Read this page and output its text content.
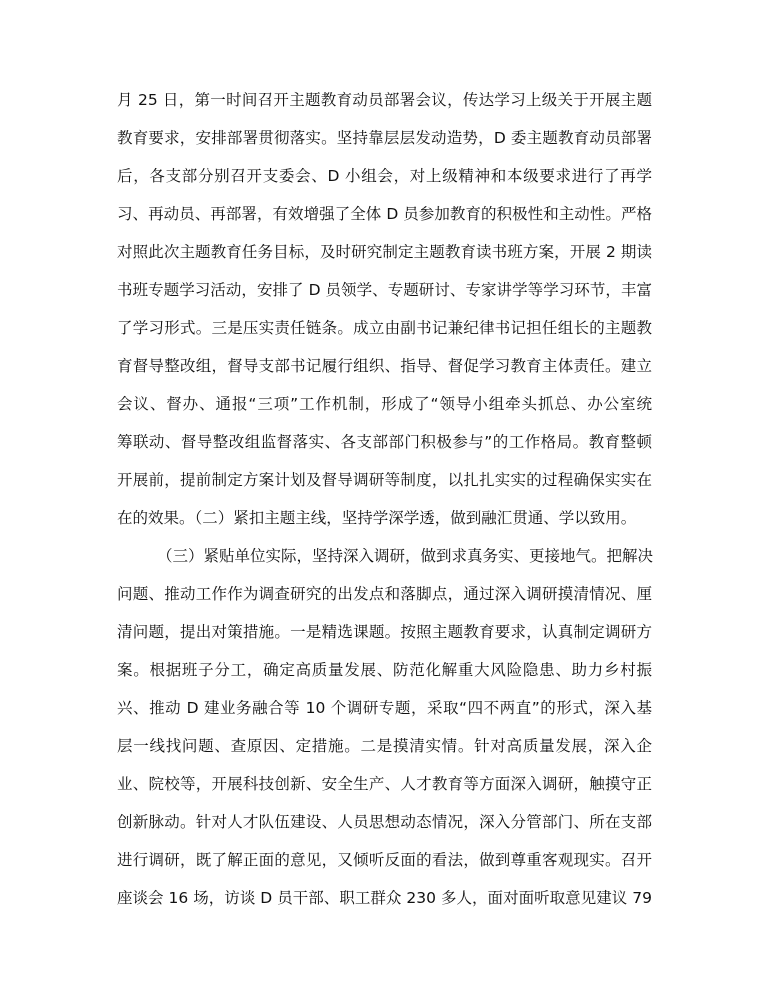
月 25 日，第一时间召开主题教育动员部署会议，传达学习上级关于开展主题
教育要求，安排部署贯彻落实。坚持靠层层发动造势，D 委主题教育动员部署
后，各支部分别召开支委会、D 小组会，对上级精神和本级要求进行了再学
习、再动员、再部署，有效增强了全体 D 员参加教育的积极性和主动性。严格
对照此次主题教育任务目标，及时研究制定主题教育读书班方案，开展 2 期读
书班专题学习活动，安排了 D 员领学、专题研讨、专家讲学等学习环节，丰富
了学习形式。三是压实责任链条。成立由副书记兼纪律书记担任组长的主题教
育督导整改组，督导支部书记履行组织、指导、督促学习教育主体责任。建立
会议、督办、通报“三项”工作机制，形成了“领导小组牵头抓总、办公室统
筹联动、督导整改组监督落实、各支部部门积极参与”的工作格局。教育整顿
开展前，提前制定方案计划及督导调研等制度，以扎扎实实的过程确保实实在
在的效果。（二）紧扣主题主线，坚持学深学透，做到融汇贯通、学以致用。
（三）紧贴单位实际，坚持深入调研，做到求真务实、更接地气。把解决
问题、推动工作作为调查研究的出发点和落脚点，通过深入调研摸清情况、厘
清问题，提出对策措施。一是精选课题。按照主题教育要求，认真制定调研方
案。根据班子分工，确定高质量发展、防范化解重大风险隐患、助力乡村振
兴、推动 D 建业务融合等 10 个调研专题，采取“四不两直”的形式，深入基
层一线找问题、查原因、定措施。二是摸清实情。针对高质量发展，深入企
业、院校等，开展科技创新、安全生产、人才教育等方面深入调研，触摸守正
创新脉动。针对人才队伍建设、人员思想动态情况，深入分管部门、所在支部
进行调研，既了解正面的意见，又倾听反面的看法，做到尊重客观现实。召开
座谈会 16 场，访谈 D 员干部、职工群众 230 多人，面对面听取意见建议 79
